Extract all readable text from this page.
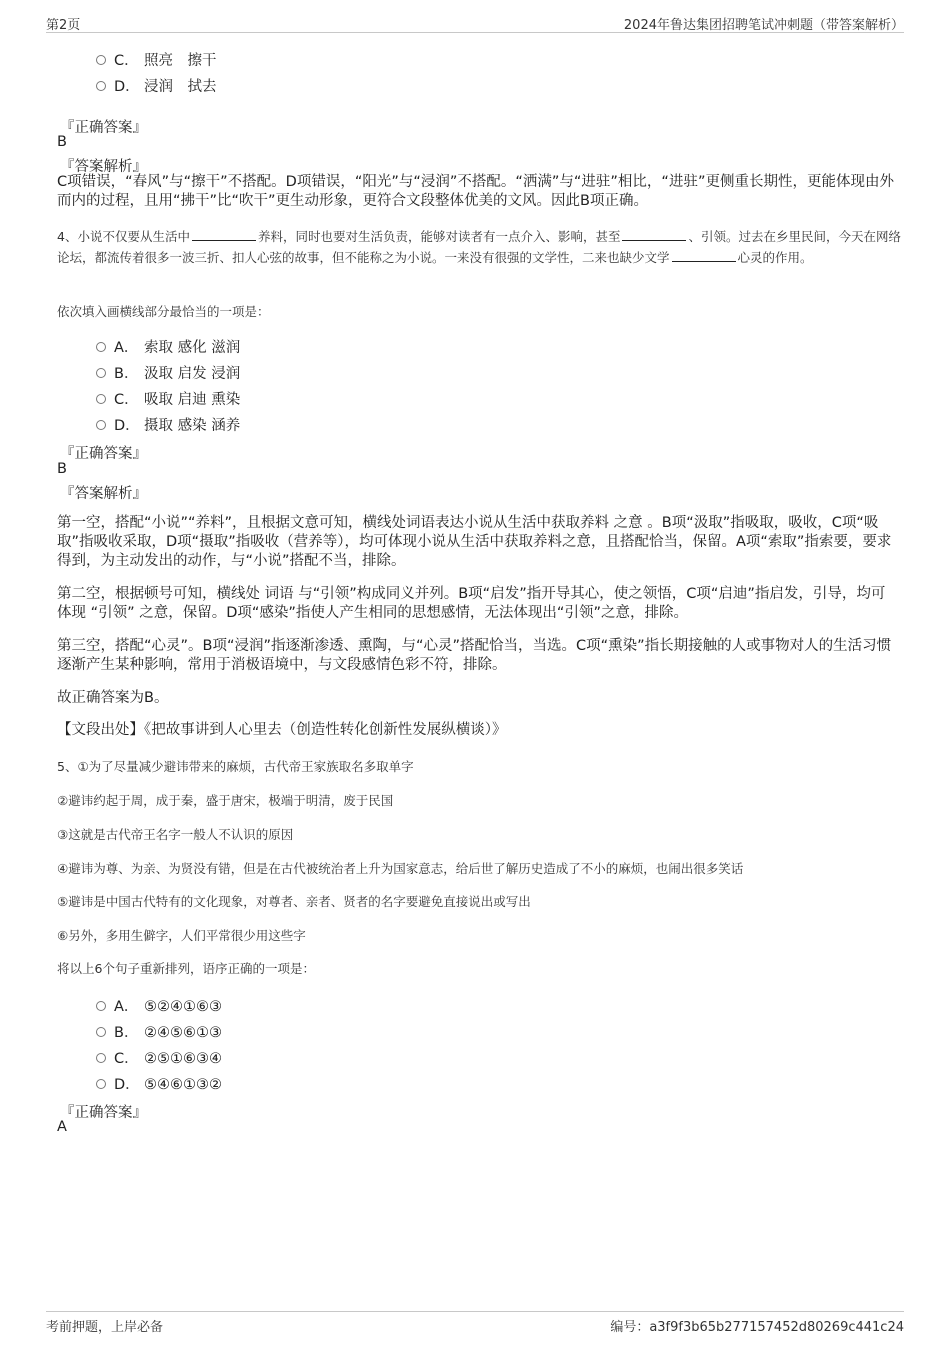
第2页	2024年鲁达集团招聘笔试冲刺题（带答案解析）
C． 照亮　擦干
D． 浸润　拭去
『正确答案』
B
『答案解析』
C项错误，“春风”与“擦干”不搭配。D项错误，“阳光”与“浸润”不搭配。“洒满”与“进驻”相比，“进驻”更侧重长期性，更能体现由外而内的过程，且用“拂干”比“吹干”更生动形象，更符合文段整体优美的文风。因此B项正确。
4、小说不仅要从生活中	养料，同时也要对生活负责，能够对读者有一点介入、影响，甚至	、引领。过去在乡里民间，今天在网络论坛，都流传着很多一波三折、扣人心弦的故事，但不能称之为小说。一来没有很强的文学性，二来也缺少文学	心灵的作用。
依次填入画横线部分最恰当的一项是：
A． 索取 感化 滋润
B． 汲取 启发 浸润
C． 吸取 启迪 熏染
D． 摄取 感染 涵养
『正确答案』
B
『答案解析』
第一空，搭配“小说”“养料”，且根据文意可知，横线处词语表达小说从生活中获取养料 之意 。B项“汲取”指吸取，吸收，C项“吸取”指吸收采取，D项“摄取”指吸收（营养等），均可体现小说从生活中获取养料之意，且搭配恰当，保留。A项“索取”指索要，要求得到，为主动发出的动作，与“小说”搭配不当，排除。
第二空，根据顿号可知，横线处 词语 与“引领”构成同义并列。B项“启发”指开导其心，使之领悟，C项“启迪”指启发，引导，均可体现 “引领” 之意，保留。D项“感染”指使人产生相同的思想感情，无法体现出“引领”之意，排除。
第三空，搭配“心灵”。B项“浸润”指逐渐渗透、熏陶，与“心灵”搭配恰当，当选。C项“熏染”指长期接触的人或事物对人的生活习惯逐渐产生某种影响，常用于消极语境中，与文段感情色彩不符，排除。
故正确答案为B。
【文段出处】《把故事讲到人心里去（创造性转化创新性发展纵横谈）》
5、①为了尽量减少避讳带来的麻烦，古代帝王家族取名多取单字
②避讳约起于周，成于秦，盛于唐宋，极端于明清，废于民国
③这就是古代帝王名字一般人不认识的原因
④避讳为尊、为亲、为贤没有错，但是在古代被统治者上升为国家意志，给后世了解历史造成了不小的麻烦，也闹出很多笑话
⑤避讳是中国古代特有的文化现象，对尊者、亲者、贤者的名字要避免直接说出或写出
⑥另外，多用生僻字，人们平常很少用这些字
将以上6个句子重新排列，语序正确的一项是：
A． ⑤②④①⑥③
B． ②④⑤⑥①③
C． ②⑤①⑥③④
D． ⑤④⑥①③②
『正确答案』
A
考前押题，上岸必备	编号：a3f9f3b65b277157452d80269c441c24
